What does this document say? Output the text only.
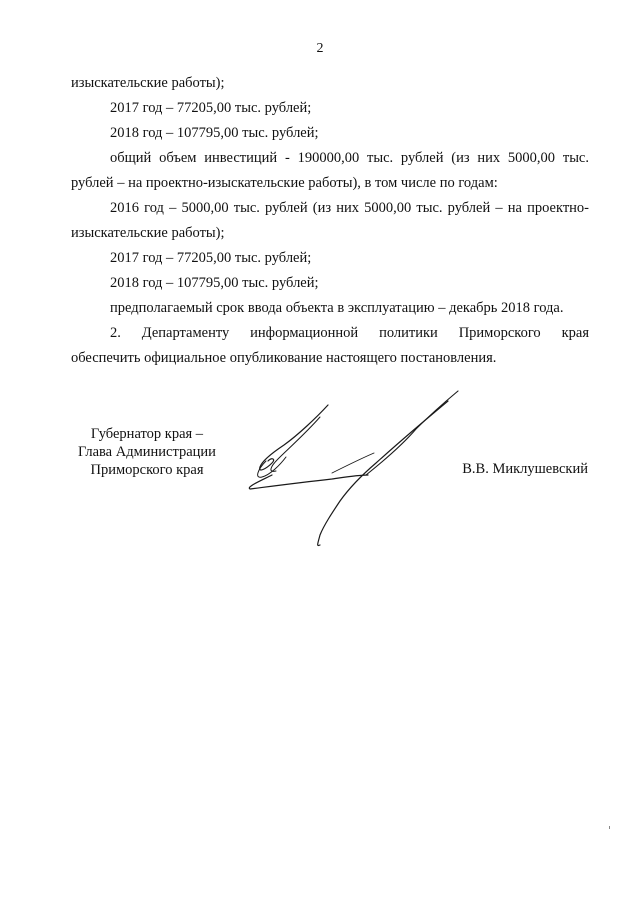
2
изыскательские работы);
2017 год – 77205,00 тыс. рублей;
2018 год – 107795,00 тыс. рублей;
общий объем инвестиций - 190000,00 тыс. рублей (из них 5000,00 тыс.
рублей – на проектно-изыскательские работы), в том числе по годам:
2016 год – 5000,00 тыс. рублей (из них 5000,00 тыс. рублей – на проектно-
изыскательские работы);
2017 год – 77205,00 тыс. рублей;
2018 год – 107795,00 тыс. рублей;
предполагаемый срок ввода объекта в эксплуатацию – декабрь 2018 года.
2. Департаменту информационной политики Приморского края
обеспечить официальное опубликование настоящего постановления.
Губернатор края –
Глава Администрации
Приморского края	В.В. Миклушевский
